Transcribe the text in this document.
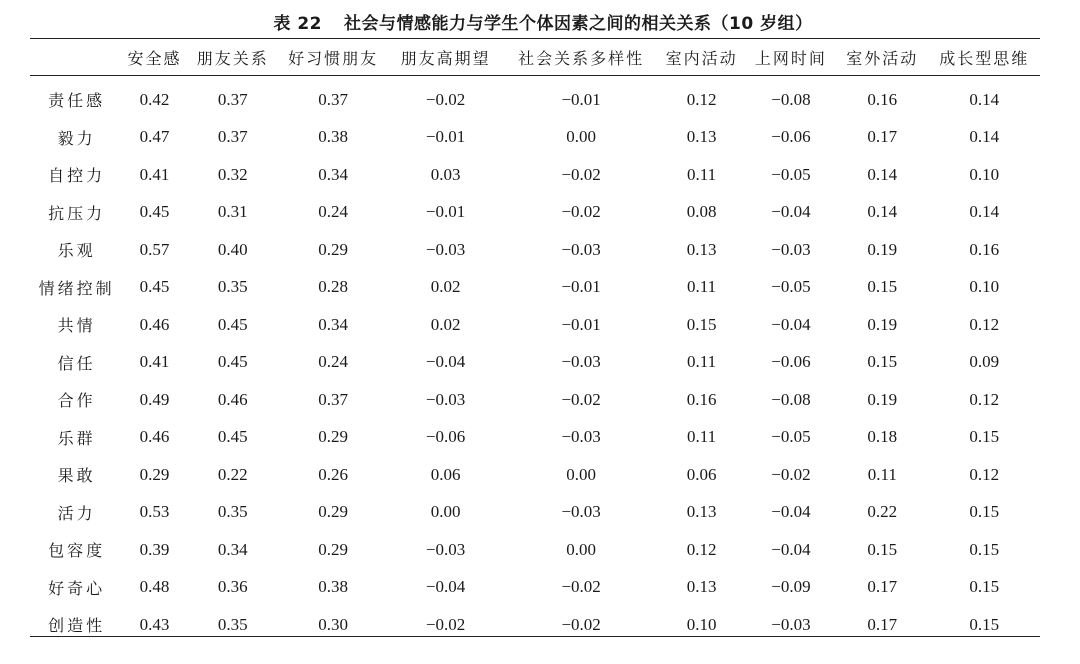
表 22 社会与情感能力与学生个体因素之间的相关关系（10 岁组）
	安全感	朋友关系	好习惯朋友	朋友高期望	社会关系多样性	室内活动	上网时间	室外活动	成长型思维
责任感	0.42	0.37	0.37	−0.02	−0.01	0.12	−0.08	0.16	0.14
毅力	0.47	0.37	0.38	−0.01	0.00	0.13	−0.06	0.17	0.14
自控力	0.41	0.32	0.34	0.03	−0.02	0.11	−0.05	0.14	0.10
抗压力	0.45	0.31	0.24	−0.01	−0.02	0.08	−0.04	0.14	0.14
乐观	0.57	0.40	0.29	−0.03	−0.03	0.13	−0.03	0.19	0.16
情绪控制	0.45	0.35	0.28	0.02	−0.01	0.11	−0.05	0.15	0.10
共情	0.46	0.45	0.34	0.02	−0.01	0.15	−0.04	0.19	0.12
信任	0.41	0.45	0.24	−0.04	−0.03	0.11	−0.06	0.15	0.09
合作	0.49	0.46	0.37	−0.03	−0.02	0.16	−0.08	0.19	0.12
乐群	0.46	0.45	0.29	−0.06	−0.03	0.11	−0.05	0.18	0.15
果敢	0.29	0.22	0.26	0.06	0.00	0.06	−0.02	0.11	0.12
活力	0.53	0.35	0.29	0.00	−0.03	0.13	−0.04	0.22	0.15
包容度	0.39	0.34	0.29	−0.03	0.00	0.12	−0.04	0.15	0.15
好奇心	0.48	0.36	0.38	−0.04	−0.02	0.13	−0.09	0.17	0.15
创造性	0.43	0.35	0.30	−0.02	−0.02	0.10	−0.03	0.17	0.15
